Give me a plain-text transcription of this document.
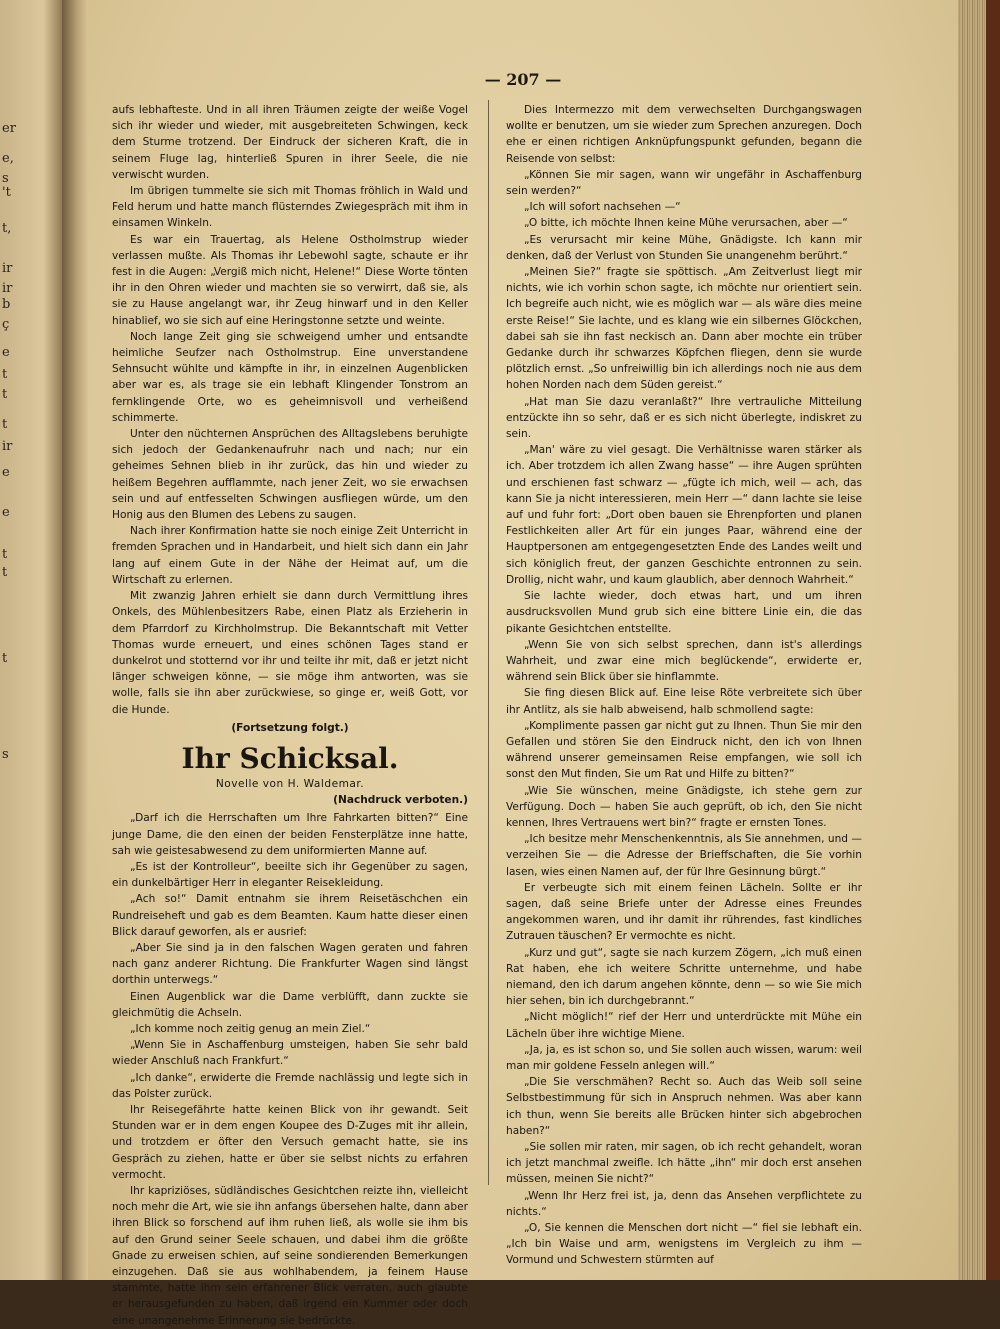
er
e,
s
't
t,
ir
ir
b
ç
e
t
t
t
ir
e
e
t
t
t
s
— 207 —

aufs lebhafteste. Und in all ihren Träumen zeigte der weiße Vogel sich ihr wieder und wieder, mit ausgebreiteten Schwingen, keck dem Sturme trotzend. Der Eindruck der sicheren Kraft, die in seinem Fluge lag, hinterließ Spuren in ihrer Seele, die nie verwischt wurden.

Im übrigen tummelte sie sich mit Thomas fröhlich in Wald und Feld herum und hatte manch flüsterndes Zwiegespräch mit ihm in einsamen Winkeln.

Es war ein Trauertag, als Helene Ostholmstrup wieder verlassen mußte. Als Thomas ihr Lebewohl sagte, schaute er ihr fest in die Augen: „Vergiß mich nicht, Helene!“ Diese Worte tönten ihr in den Ohren wieder und machten sie so verwirrt, daß sie, als sie zu Hause angelangt war, ihr Zeug hinwarf und in den Keller hinablief, wo sie sich auf eine Heringstonne setzte und weinte.

Noch lange Zeit ging sie schweigend umher und entsandte heimliche Seufzer nach Ostholmstrup. Eine unverstandene Sehnsucht wühlte und kämpfte in ihr, in einzelnen Augenblicken aber war es, als trage sie ein lebhaft Klingender Tonstrom an fernklingende Orte, wo es geheimnisvoll und verheißend schimmerte.

Unter den nüchternen Ansprüchen des Alltagslebens beruhigte sich jedoch der Gedankenaufruhr nach und nach; nur ein geheimes Sehnen blieb in ihr zurück, das hin und wieder zu heißem Begehren aufflammte, nach jener Zeit, wo sie erwachsen sein und auf entfesselten Schwingen ausfliegen würde, um den Honig aus den Blumen des Lebens zu saugen.

Nach ihrer Konfirmation hatte sie noch einige Zeit Unterricht in fremden Sprachen und in Handarbeit, und hielt sich dann ein Jahr lang auf einem Gute in der Nähe der Heimat auf, um die Wirtschaft zu erlernen.

Mit zwanzig Jahren erhielt sie dann durch Vermittlung ihres Onkels, des Mühlenbesitzers Rabe, einen Platz als Erzieherin in dem Pfarrdorf zu Kirchholmstrup. Die Bekanntschaft mit Vetter Thomas wurde erneuert, und eines schönen Tages stand er dunkelrot und stotternd vor ihr und teilte ihr mit, daß er jetzt nicht länger schweigen könne, — sie möge ihm antworten, was sie wolle, falls sie ihn aber zurückwiese, so ginge er, weiß Gott, vor die Hunde.

(Fortsetzung folgt.)

Ihr Schicksal.

Novelle von H. Waldemar.

(Nachdruck verboten.)

„Darf ich die Herrschaften um Ihre Fahrkarten bitten?“ Eine junge Dame, die den einen der beiden Fensterplätze inne hatte, sah wie geistesabwesend zu dem uniformierten Manne auf.

„Es ist der Kontrolleur“, beeilte sich ihr Gegenüber zu sagen, ein dunkelbärtiger Herr in eleganter Reisekleidung.

„Ach so!“ Damit entnahm sie ihrem Reisetäschchen ein Rundreiseheft und gab es dem Beamten. Kaum hatte dieser einen Blick darauf geworfen, als er ausrief:

„Aber Sie sind ja in den falschen Wagen geraten und fahren nach ganz anderer Richtung. Die Frankfurter Wagen sind längst dorthin unterwegs.“

Einen Augenblick war die Dame verblüfft, dann zuckte sie gleichmütig die Achseln.

„Ich komme noch zeitig genug an mein Ziel.“

„Wenn Sie in Aschaffenburg umsteigen, haben Sie sehr bald wieder Anschluß nach Frankfurt.“

„Ich danke“, erwiderte die Fremde nachlässig und legte sich in das Polster zurück.

Ihr Reisegefährte hatte keinen Blick von ihr gewandt. Seit Stunden war er in dem engen Koupee des D-Zuges mit ihr allein, und trotzdem er öfter den Versuch gemacht hatte, sie ins Gespräch zu ziehen, hatte er über sie selbst nichts zu erfahren vermocht.

Ihr kapriziöses, südländisches Gesichtchen reizte ihn, vielleicht noch mehr die Art, wie sie ihn anfangs übersehen halte, dann aber ihren Blick so forschend auf ihm ruhen ließ, als wolle sie ihm bis auf den Grund seiner Seele schauen, und dabei ihm die größte Gnade zu erweisen schien, auf seine sondierenden Bemerkungen einzugehen. Daß sie aus wohlhabendem, ja feinem Hause stammte, hatte ihm sein erfahrener Blick verraten, auch glaubte er herausgefunden zu haben, daß irgend ein Kummer oder doch eine unangenehme Erinnerung sie bedrückte.

Dies Intermezzo mit dem verwechselten Durchgangswagen wollte er benutzen, um sie wieder zum Sprechen anzuregen. Doch ehe er einen richtigen Anknüpfungspunkt gefunden, begann die Reisende von selbst:

„Können Sie mir sagen, wann wir ungefähr in Aschaffenburg sein werden?“

„Ich will sofort nachsehen —“

„O bitte, ich möchte Ihnen keine Mühe verursachen, aber —“

„Es verursacht mir keine Mühe, Gnädigste. Ich kann mir denken, daß der Verlust von Stunden Sie unangenehm berührt.“

„Meinen Sie?“ fragte sie spöttisch. „Am Zeitverlust liegt mir nichts, wie ich vorhin schon sagte, ich möchte nur orientiert sein. Ich begreife auch nicht, wie es möglich war — als wäre dies meine erste Reise!“ Sie lachte, und es klang wie ein silbernes Glöckchen, dabei sah sie ihn fast neckisch an. Dann aber mochte ein trüber Gedanke durch ihr schwarzes Köpfchen fliegen, denn sie wurde plötzlich ernst. „So unfreiwillig bin ich allerdings noch nie aus dem hohen Norden nach dem Süden gereist.“

„Hat man Sie dazu veranlaßt?“ Ihre vertrauliche Mitteilung entzückte ihn so sehr, daß er es sich nicht überlegte, indiskret zu sein.

„Man' wäre zu viel gesagt. Die Verhältnisse waren stärker als ich. Aber trotzdem ich allen Zwang hasse“ — ihre Augen sprühten und erschienen fast schwarz — „fügte ich mich, weil — ach, das kann Sie ja nicht interessieren, mein Herr —“ dann lachte sie leise auf und fuhr fort: „Dort oben bauen sie Ehrenpforten und planen Festlichkeiten aller Art für ein junges Paar, während eine der Hauptpersonen am entgegengesetzten Ende des Landes weilt und sich königlich freut, der ganzen Geschichte entronnen zu sein. Drollig, nicht wahr, und kaum glaublich, aber dennoch Wahrheit.“

Sie lachte wieder, doch etwas hart, und um ihren ausdrucksvollen Mund grub sich eine bittere Linie ein, die das pikante Gesichtchen entstellte.

„Wenn Sie von sich selbst sprechen, dann ist's allerdings Wahrheit, und zwar eine mich beglückende“, erwiderte er, während sein Blick über sie hinflammte.

Sie fing diesen Blick auf. Eine leise Röte verbreitete sich über ihr Antlitz, als sie halb abweisend, halb schmollend sagte:

„Komplimente passen gar nicht gut zu Ihnen. Thun Sie mir den Gefallen und stören Sie den Eindruck nicht, den ich von Ihnen während unserer gemeinsamen Reise empfangen, wie soll ich sonst den Mut finden, Sie um Rat und Hilfe zu bitten?“

„Wie Sie wünschen, meine Gnädigste, ich stehe gern zur Verfügung. Doch — haben Sie auch geprüft, ob ich, den Sie nicht kennen, Ihres Vertrauens wert bin?“ fragte er ernsten Tones.

„Ich besitze mehr Menschenkenntnis, als Sie annehmen, und — verzeihen Sie — die Adresse der Brieffschaften, die Sie vorhin lasen, wies einen Namen auf, der für Ihre Gesinnung bürgt.“

Er verbeugte sich mit einem feinen Lächeln. Sollte er ihr sagen, daß seine Briefe unter der Adresse eines Freundes angekommen waren, und ihr damit ihr rührendes, fast kindliches Zutrauen täuschen? Er vermochte es nicht.

„Kurz und gut“, sagte sie nach kurzem Zögern, „ich muß einen Rat haben, ehe ich weitere Schritte unternehme, und habe niemand, den ich darum angehen könnte, denn — so wie Sie mich hier sehen, bin ich durchgebrannt.“

„Nicht möglich!“ rief der Herr und unterdrückte mit Mühe ein Lächeln über ihre wichtige Miene.

„Ja, ja, es ist schon so, und Sie sollen auch wissen, warum: weil man mir goldene Fesseln anlegen will.“

„Die Sie verschmähen? Recht so. Auch das Weib soll seine Selbstbestimmung für sich in Anspruch nehmen. Was aber kann ich thun, wenn Sie bereits alle Brücken hinter sich abgebrochen haben?“

„Sie sollen mir raten, mir sagen, ob ich recht gehandelt, woran ich jetzt manchmal zweifle. Ich hätte „ihn“ mir doch erst ansehen müssen, meinen Sie nicht?“

„Wenn Ihr Herz frei ist, ja, denn das Ansehen verpflichtete zu nichts.“

„O, Sie kennen die Menschen dort nicht —“ fiel sie lebhaft ein. „Ich bin Waise und arm, wenigstens im Vergleich zu ihm — Vormund und Schwestern stürmten auf
